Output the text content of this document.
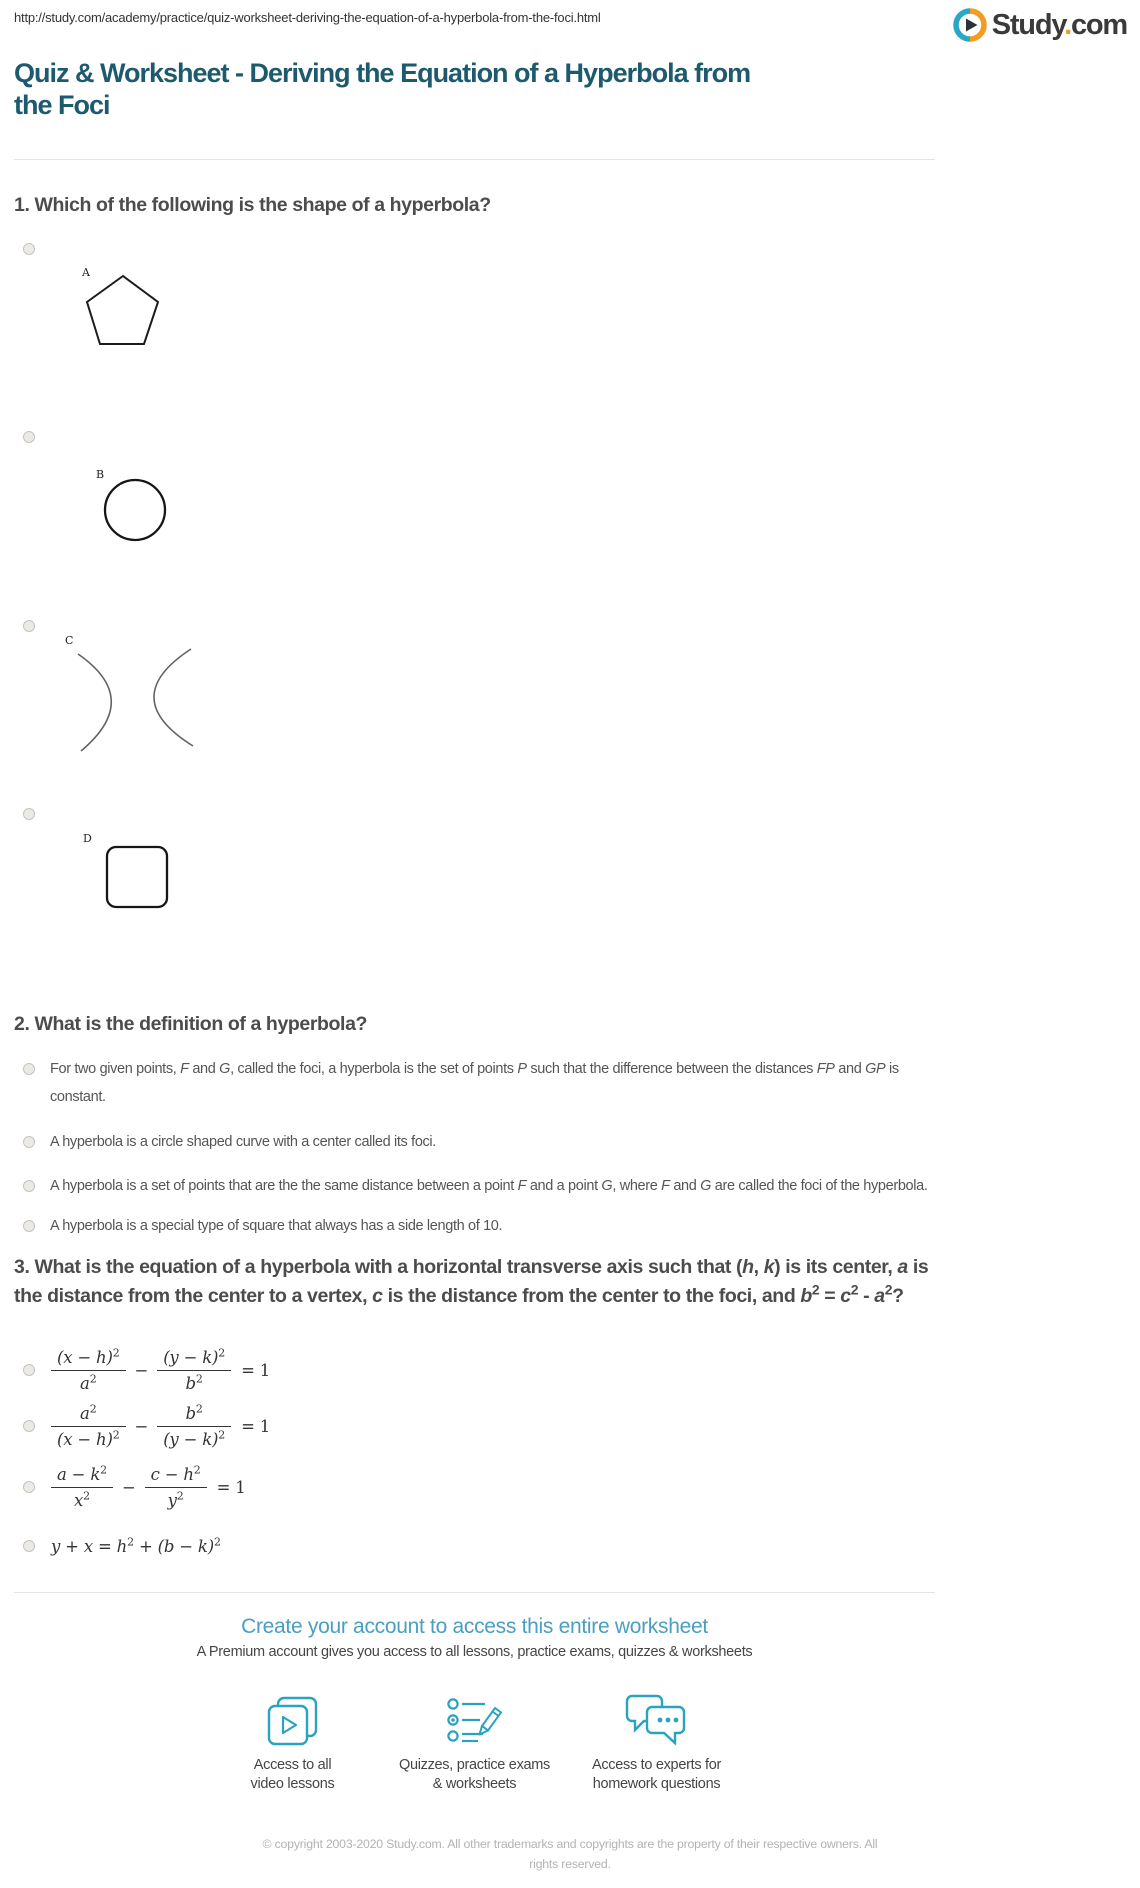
http://study.com/academy/practice/quiz-worksheet-deriving-the-equation-of-a-hyperbola-from-the-foci.html	Study.com
Quiz & Worksheet - Deriving the Equation of a Hyperbola from the Foci
1. Which of the following is the shape of a hyperbola?
A
B
C
D
2. What is the definition of a hyperbola?
For two given points, F and G, called the foci, a hyperbola is the set of points P such that the difference between the distances FP and GP is constant.
A hyperbola is a circle shaped curve with a center called its foci.
A hyperbola is a set of points that are the the same distance between a point F and a point G, where F and G are called the foci of the hyperbola.
A hyperbola is a special type of square that always has a side length of 10.
3. What is the equation of a hyperbola with a horizontal transverse axis such that (h, k) is its center, a is the distance from the center to a vertex, c is the distance from the center to the foci, and $b^2 = c^2 - a^2$?
$\frac{(x - h)^2}{a^2} - \frac{(y - k)^2}{b^2} = 1$
$\frac{a^2}{(x - h)^2} - \frac{b^2}{(y - k)^2} = 1$
$\frac{a - k^2}{x^2} - \frac{c - h^2}{y^2} = 1$
$y + x = h^2 + (b - k)^2$
Create your account to access this entire worksheet

A Premium account gives you access to all lessons, practice exams, quizzes & worksheets

Access to all
video lessons

Quizzes, practice exams
& worksheets

Access to experts for
homework questions

© copyright 2003-2020 Study.com. All other trademarks and copyrights are the property of their respective owners. All rights reserved.
